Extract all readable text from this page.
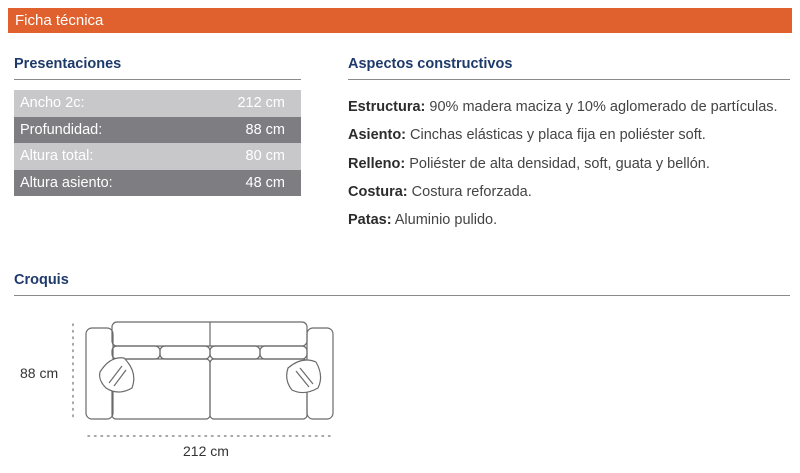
Ficha técnica
Presentaciones
Ancho 2c:	212 cm
Profundidad:	88 cm
Altura total:	80 cm
Altura asiento:	48 cm
Aspectos constructivos
Estructura: 90% madera maciza y 10% aglomerado de partículas.
Asiento: Cinchas elásticas y placa fija en poliéster soft.
Relleno: Poliéster de alta densidad, soft, guata y bellón.
Costura: Costura reforzada.
Patas: Aluminio pulido.
Croquis
88 cm
212 cm
